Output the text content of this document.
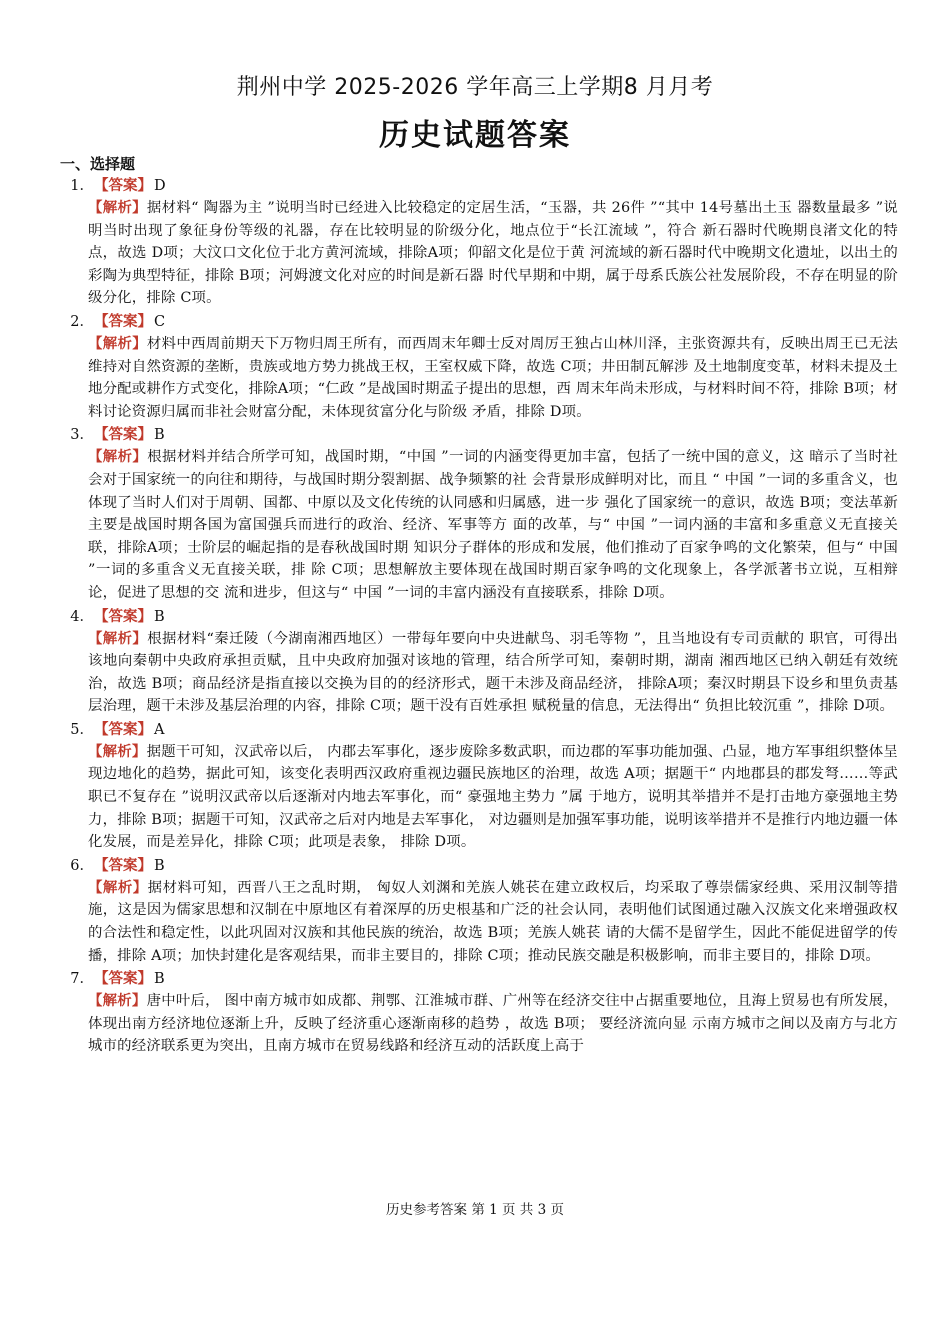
荆州中学 2025-2026 学年高三上学期8 月月考
历史试题答案
一、选择题
1．【答案】 D
【解析】据材料“ 陶器为主 ”说明当时已经进入比较稳定的定居生活，“玉器，共 26件 ”“其中 14号墓出土玉 器数量最多 ”说明当时出现了象征身份等级的礼器，存在比较明显的阶级分化，地点位于“长江流域 ”，符合 新石器时代晚期良渚文化的特点，故选 D项；大汶口文化位于北方黄河流域，排除A项；仰韶文化是位于黄 河流域的新石器时代中晚期文化遗址，以出土的彩陶为典型特征，排除 B项；河姆渡文化对应的时间是新石器 时代早期和中期，属于母系氏族公社发展阶段，不存在明显的阶级分化，排除 C项。
2．【答案】 C
【解析】材料中西周前期天下万物归周王所有，而西周末年卿士反对周厉王独占山林川泽，主张资源共有，反映出周王已无法维持对自然资源的垄断，贵族或地方势力挑战王权，王室权威下降，故选 C项；井田制瓦解涉 及土地制度变革，材料未提及土地分配或耕作方式变化，排除A项；“仁政 ”是战国时期孟子提出的思想，西 周末年尚未形成，与材料时间不符，排除 B项；材料讨论资源归属而非社会财富分配，未体现贫富分化与阶级 矛盾，排除 D项。
3．【答案】 B
【解析】根据材料并结合所学可知，战国时期，“中国 ”一词的内涵变得更加丰富，包括了一统中国的意义，这 暗示了当时社会对于国家统一的向往和期待，与战国时期分裂割据、战争频繁的社 会背景形成鲜明对比，而且 “ 中国 ”一词的多重含义，也体现了当时人们对于周朝、国都、中原以及文化传统的认同感和归属感，进一步 强化了国家统一的意识，故选 B项；变法革新主要是战国时期各国为富国强兵而进行的政治、经济、军事等方 面的改革，与“ 中国 ”一词内涵的丰富和多重意义无直接关联，排除A项；士阶层的崛起指的是春秋战国时期 知识分子群体的形成和发展，他们推动了百家争鸣的文化繁荣，但与“ 中国 ”一词的多重含义无直接关联，排 除 C项；思想解放主要体现在战国时期百家争鸣的文化现象上，各学派著书立说，互相辩论，促进了思想的交 流和进步，但这与“ 中国 ”一词的丰富内涵没有直接联系，排除 D项。
4．【答案】 B
【解析】根据材料“秦迁陵（今湖南湘西地区）一带每年要向中央进献鸟、羽毛等物 ”，且当地设有专司贡献的 职官，可得出该地向秦朝中央政府承担贡赋，且中央政府加强对该地的管理，结合所学可知，秦朝时期，湖南 湘西地区已纳入朝廷有效统治，故选 B项；商品经济是指直接以交换为目的的经济形式，题干未涉及商品经济， 排除A项；秦汉时期县下设乡和里负责基层治理，题干未涉及基层治理的内容，排除 C项；题干没有百姓承担 赋税量的信息，无法得出“ 负担比较沉重 ”，排除 D项。
5．【答案】 A
【解析】据题干可知，汉武帝以后， 内郡去军事化，逐步废除多数武职，而边郡的军事功能加强、凸显，地方军事组织整体呈现边地化的趋势，据此可知，该变化表明西汉政府重视边疆民族地区的治理，故选 A项；据题干“ 内地郡县的郡发弩……等武职已不复存在 ”说明汉武帝以后逐渐对内地去军事化，而“ 豪强地主势力 ”属 于地方，说明其举措并不是打击地方豪强地主势力，排除 B项；据题干可知，汉武帝之后对内地是去军事化， 对边疆则是加强军事功能，说明该举措并不是推行内地边疆一体化发展，而是差异化，排除 C项；此项是表象， 排除 D项。
6．【答案】 B
【解析】据材料可知，西晋八王之乱时期， 匈奴人刘渊和羌族人姚苌在建立政权后，均采取了尊崇儒家经典、采用汉制等措施，这是因为儒家思想和汉制在中原地区有着深厚的历史根基和广泛的社会认同，表明他们试图通过融入汉族文化来增强政权的合法性和稳定性，以此巩固对汉族和其他民族的统治，故选 B项；羌族人姚苌 请的大儒不是留学生，因此不能促进留学的传播，排除 A项；加快封建化是客观结果，而非主要目的，排除 C项；推动民族交融是积极影响，而非主要目的，排除 D项。
7．【答案】 B
【解析】唐中叶后， 图中南方城市如成都、荆鄂、江淮城市群、广州等在经济交往中占据重要地位，且海上贸易也有所发展，体现出南方经济地位逐渐上升，反映了经济重心逐渐南移的趋势 ，故选 B项； 要经济流向显 示南方城市之间以及南方与北方城市的经济联系更为突出，且南方城市在贸易线路和经济互动的活跃度上高于
历史参考答案 第 1 页 共 3 页
